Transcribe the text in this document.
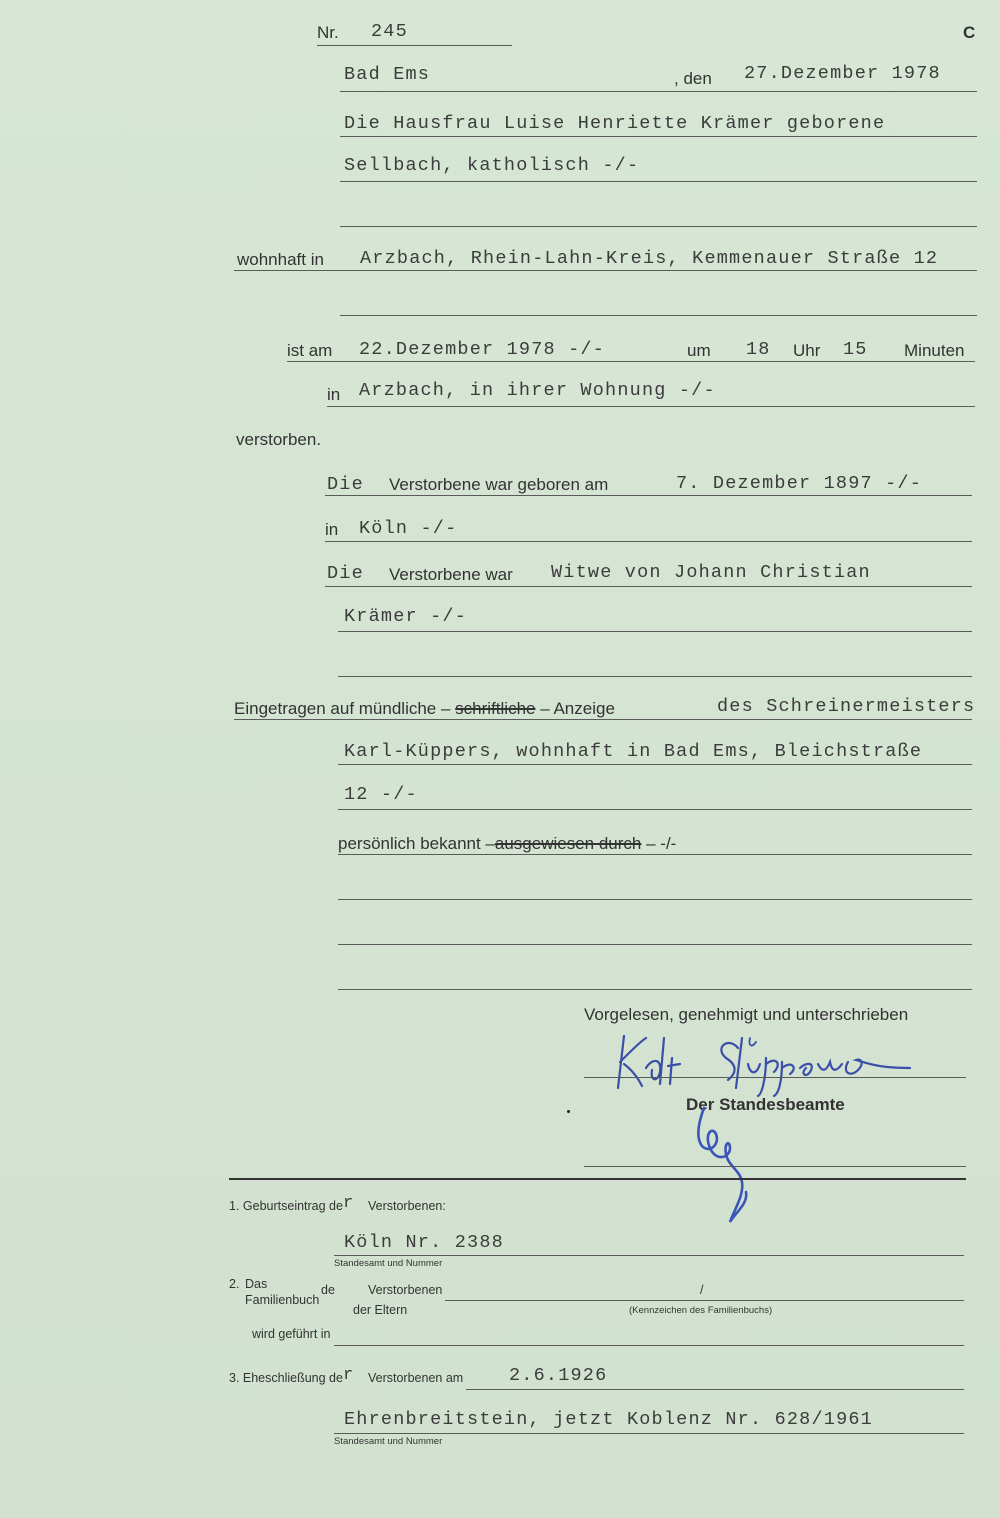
Nr. 245	C
Bad Ems	, den 27.Dezember 1978
Die Hausfrau Luise Henriette Krämer geborene
Sellbach, katholisch -/-
wohnhaft in Arzbach, Rhein-Lahn-Kreis, Kemmenauer Straße 12
ist am 22.Dezember 1978 -/-	um 18 Uhr 15 Minuten
in Arzbach, in ihrer Wohnung -/-
verstorben.
Die Verstorbene war geboren am	7. Dezember 1897 -/-
in Köln -/-
Die Verstorbene war Witwe von Johann Christian
Krämer -/-
Eingetragen auf mündliche – schriftliche – Anzeige	des Schreinermeisters
Karl-Küppers, wohnhaft in Bad Ems, Bleichstraße
12 -/-
persönlich bekannt –ausgewiesen durch – -/-
Vorgelesen, genehmigt und unterschrieben
Der Standesbeamte
1. Geburtseintrag de r Verstorbenen:
Köln Nr. 2388
Standesamt und Nummer
2. Das
Familienbuch
de	Verstorbenen	/
der Eltern	(Kennzeichen des Familienbuchs)
wird geführt in
3. Eheschließung de r Verstorbenen am 2.6.1926
Ehrenbreitstein, jetzt Koblenz Nr. 628/1961
Standesamt und Nummer
